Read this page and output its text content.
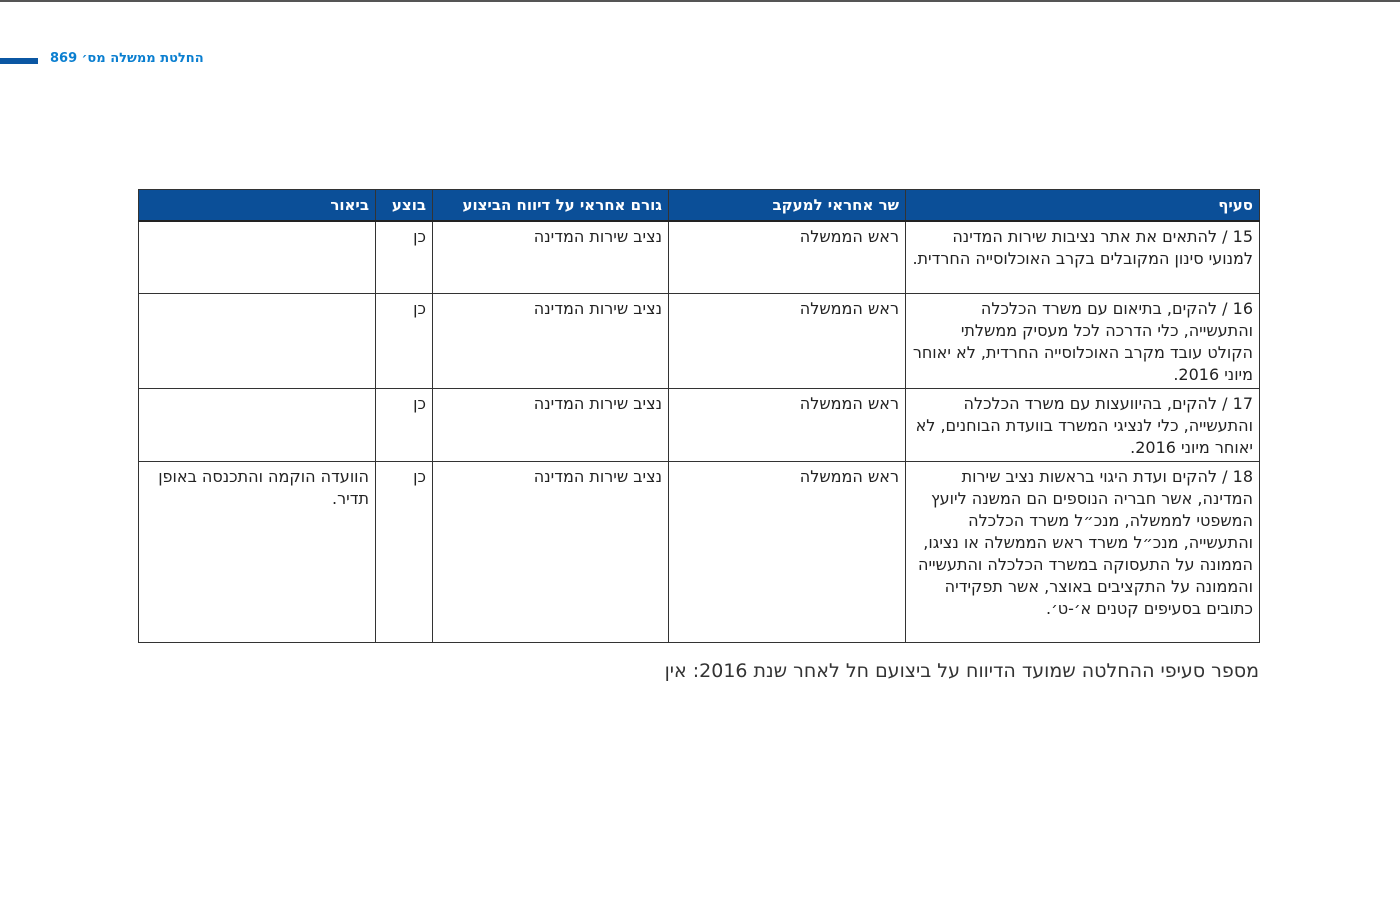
החלטת ממשלה מס׳ 869
סעיף	שר אחראי למעקב	גורם אחראי על דיווח הביצוע	בוצע	ביאור
15 / להתאים את אתר נציבות שירות המדינה למנועי סינון המקובלים בקרב האוכלוסייה החרדית.	ראש הממשלה	נציב שירות המדינה	כן	
16 / להקים, בתיאום עם משרד הכלכלה והתעשייה, כלי הדרכה לכל מעסיק ממשלתי הקולט עובד מקרב האוכלוסייה החרדית, לא יאוחר מיוני 2016.	ראש הממשלה	נציב שירות המדינה	כן	
17 / להקים, בהיוועצות עם משרד הכלכלה והתעשייה, כלי לנציגי המשרד בוועדת הבוחנים, לא יאוחר מיוני 2016.	ראש הממשלה	נציב שירות המדינה	כן	
18 / להקים ועדת היגוי בראשות נציב שירות המדינה, אשר חבריה הנוספים הם המשנה ליועץ המשפטי לממשלה, מנכ״ל משרד הכלכלה והתעשייה, מנכ״ל משרד ראש הממשלה או נציגו, הממונה על התעסוקה במשרד הכלכלה והתעשייה והממונה על התקציבים באוצר, אשר תפקידיה כתובים בסעיפים קטנים א׳-ט׳.	ראש הממשלה	נציב שירות המדינה	כן	הוועדה הוקמה והתכנסה באופן תדיר.
מספר סעיפי ההחלטה שמועד הדיווח על ביצועם חל לאחר שנת 2016: אין
